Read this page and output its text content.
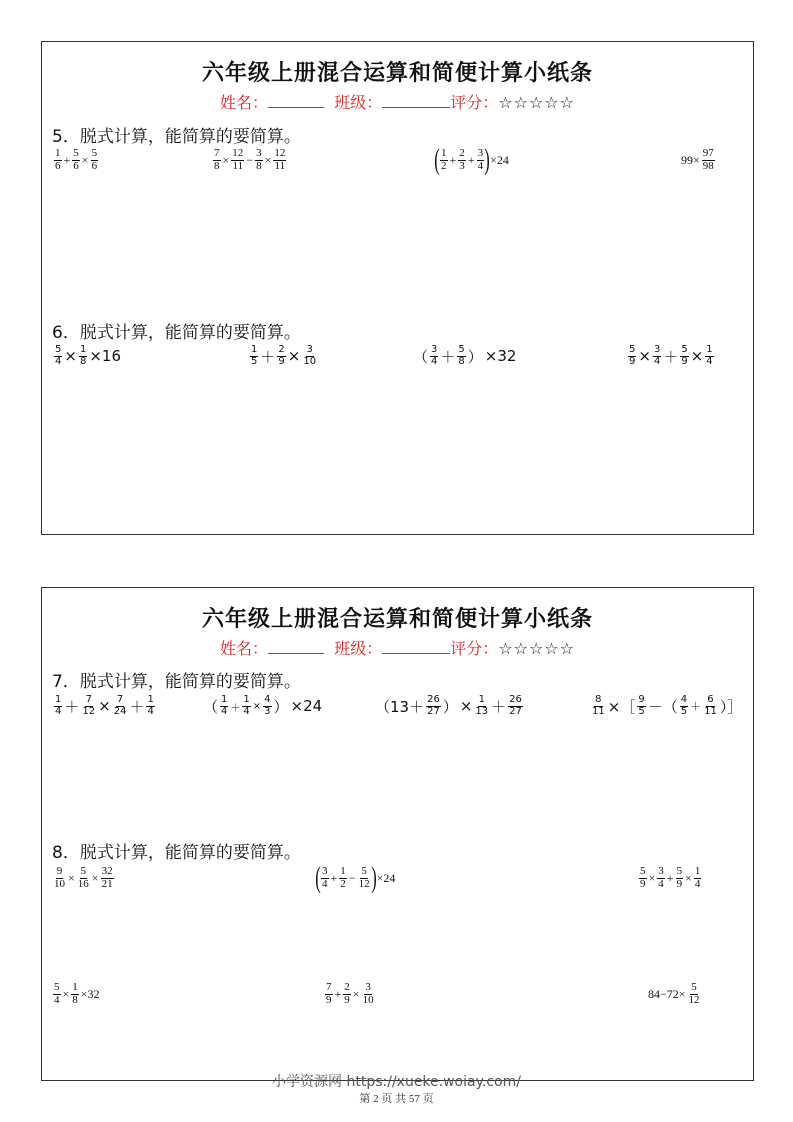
六年级上册混合运算和简便计算小纸条
姓名：	班级：	评分：☆☆☆☆☆
5．脱式计算，能简算的要简算。
$\frac{1}{6} + \frac{5}{6} \times \frac{5}{6}$	$\frac{7}{8} \times \frac{12}{11} - \frac{3}{8} \times \frac{12}{11}$	( $\frac{1}{2} + \frac{2}{3} + \frac{3}{4}$ ) ×24	$99\times \frac{97}{98}$
6．脱式计算，能简算的要简算。
$\frac{5}{4} \times \frac{1}{8} \times 16$	$\frac{1}{5} + \frac{2}{9} \times \frac{3}{10}$	（ $\frac{3}{4} + \frac{5}{8}$ ） ×32	$\frac{5}{9} \times \frac{3}{4} + \frac{5}{9} \times \frac{1}{4}$
六年级上册混合运算和简便计算小纸条
姓名：	班级：	评分：☆☆☆☆☆
7．脱式计算，能简算的要简算。
$\frac{1}{4} + \frac{7}{12} \times \frac{7}{24} + \frac{1}{4}$	（ $\frac{1}{4} + \frac{1}{4} \times \frac{4}{3}$ ） ×24	（$13+ \frac{26}{27}$ ） × $\frac{1}{13} + \frac{26}{27}$	$\frac{8}{11}$ ×［ $\frac{9}{5}$ －（ $\frac{4}{5} + \frac{6}{11}$ ）］
8．脱式计算，能简算的要简算。
$\frac{9}{10} \times \frac{5}{16} \times \frac{32}{21}$	( $\frac{3}{4} + \frac{1}{2} - \frac{5}{12}$ ) ×24	$\frac{5}{9} \times \frac{3}{4} + \frac{5}{9} \times \frac{1}{4}$
$\frac{5}{4} \times \frac{1}{8} \times 32$	$\frac{7}{9} + \frac{2}{9} \times \frac{3}{10}$	$84-72\times \frac{5}{12}$
小学资源网 https://xueke.woiay.com/
第 2 页 共 57 页
